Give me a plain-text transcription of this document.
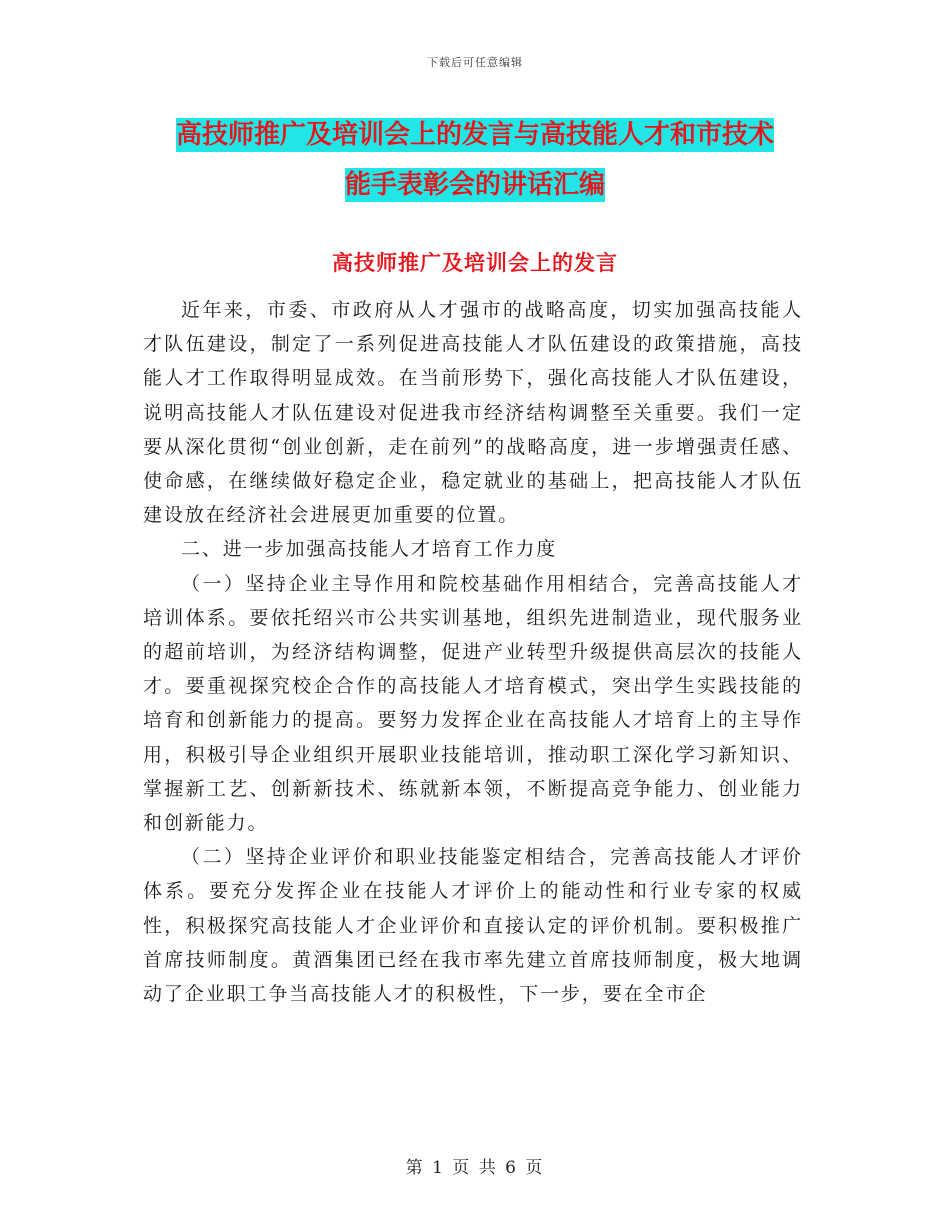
下载后可任意编辑
高技师推广及培训会上的发言与高技能人才和市技术
能手表彰会的讲话汇编
高技师推广及培训会上的发言

近年来，市委、市政府从人才强市的战略高度，切实加强高技能人才队伍建设，制定了一系列促进高技能人才队伍建设的政策措施，高技能人才工作取得明显成效。在当前形势下，强化高技能人才队伍建设，说明高技能人才队伍建设对促进我市经济结构调整至关重要。我们一定要从深化贯彻“创业创新，走在前列”的战略高度，进一步增强责任感、使命感，在继续做好稳定企业，稳定就业的基础上，把高技能人才队伍建设放在经济社会进展更加重要的位置。

二、进一步加强高技能人才培育工作力度

（一）坚持企业主导作用和院校基础作用相结合，完善高技能人才培训体系。要依托绍兴市公共实训基地，组织先进制造业，现代服务业的超前培训，为经济结构调整，促进产业转型升级提供高层次的技能人才。要重视探究校企合作的高技能人才培育模式，突出学生实践技能的培育和创新能力的提高。要努力发挥企业在高技能人才培育上的主导作用，积极引导企业组织开展职业技能培训，推动职工深化学习新知识、掌握新工艺、创新新技术、练就新本领，不断提高竞争能力、创业能力和创新能力。

（二）坚持企业评价和职业技能鉴定相结合，完善高技能人才评价体系。要充分发挥企业在技能人才评价上的能动性和行业专家的权威性，积极探究高技能人才企业评价和直接认定的评价机制。要积极推广首席技师制度。黄酒集团已经在我市率先建立首席技师制度，极大地调动了企业职工争当高技能人才的积极性，下一步，要在全市企

第 1 页 共 6 页
